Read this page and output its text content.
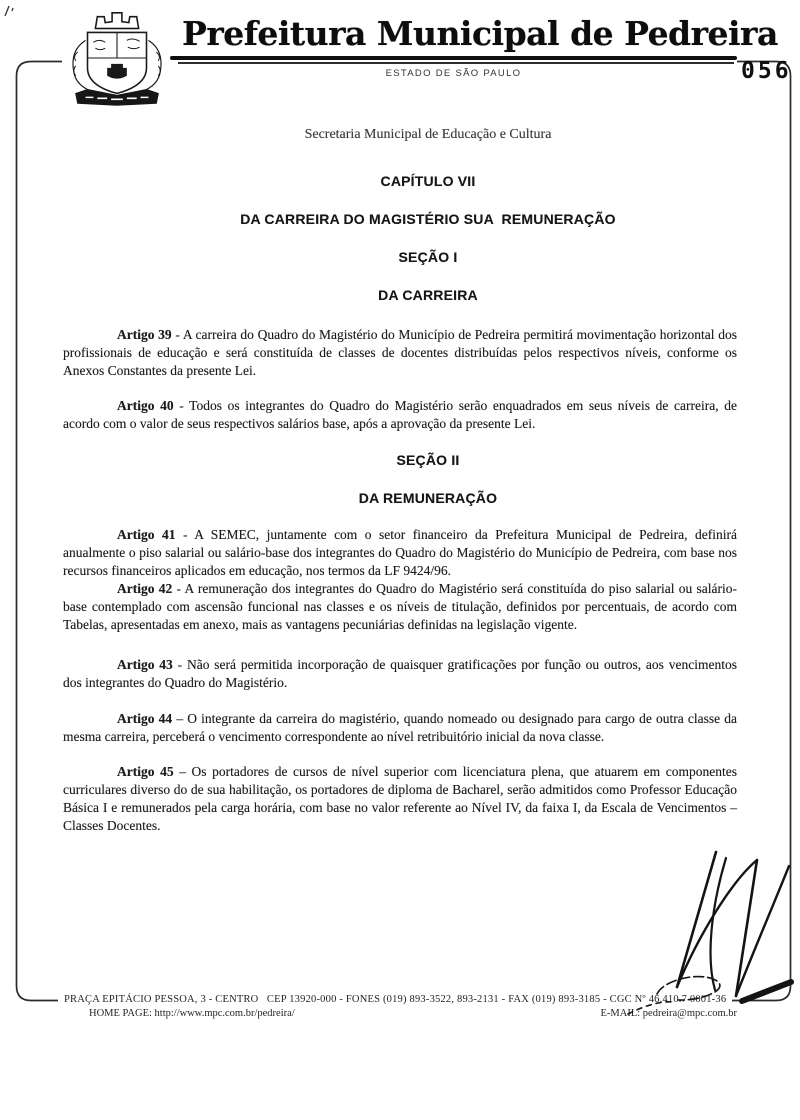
Prefeitura Municipal de Pedreira
ESTADO DE SÃO PAULO	056

Secretaria Municipal de Educação e Cultura

CAPÍTULO VII

DA CARREIRA DO MAGISTÉRIO SUA  REMUNERAÇÃO

SEÇÃO I

DA CARREIRA

Artigo 39 - A carreira do Quadro do Magistério do Município de Pedreira permitirá movimentação horizontal dos profissionais de educação e será constituída de classes de docentes distribuídas pelos respectivos níveis, conforme os Anexos Constantes da presente Lei.

Artigo 40 - Todos os integrantes do Quadro do Magistério serão enquadrados em seus níveis de carreira, de acordo com o valor de seus respectivos salários base, após a aprovação da presente Lei.

SEÇÃO II

DA REMUNERAÇÃO

Artigo 41 - A SEMEC, juntamente com o setor financeiro da Prefeitura Municipal de Pedreira, definirá anualmente o piso salarial ou salário-base dos integrantes do Quadro do Magistério do Município de Pedreira, com base nos recursos financeiros aplicados em educação, nos termos da LF 9424/96.

Artigo 42 - A remuneração dos integrantes do Quadro do Magistério será constituída do piso salarial ou salário-base contemplado com ascensão funcional nas classes e os níveis de titulação, definidos por percentuais, de acordo com Tabelas, apresentadas em anexo, mais as vantagens pecuniárias definidas na legislação vigente.

Artigo 43 - Não será permitida incorporação de quaisquer gratificações por função ou outros, aos vencimentos dos integrantes do Quadro do Magistério.

Artigo 44 – O integrante da carreira do magistério, quando nomeado ou designado para cargo de outra classe da mesma carreira, perceberá o vencimento correspondente ao nível retribuitório inicial da nova classe.

Artigo 45 – Os portadores de cursos de nível superior com licenciatura plena, que atuarem em componentes curriculares diverso do de sua habilitação, os portadores de diploma de Bacharel, serão admitidos como Professor Educação Básica I e remunerados pela carga horária, com base no valor referente ao Nível IV, da faixa I, da Escala de Vencimentos – Classes Docentes.

PRAÇA EPITÁCIO PESSOA, 3 - CENTRO   CEP 13920-000 - FONES (019) 893-3522, 893-2131 - FAX (019) 893-3185 - CGC Nº 46.410.7 0001-36
HOME PAGE: http://www.mpc.com.br/pedreira/	E-MAIL: pedreira@mpc.com.br
